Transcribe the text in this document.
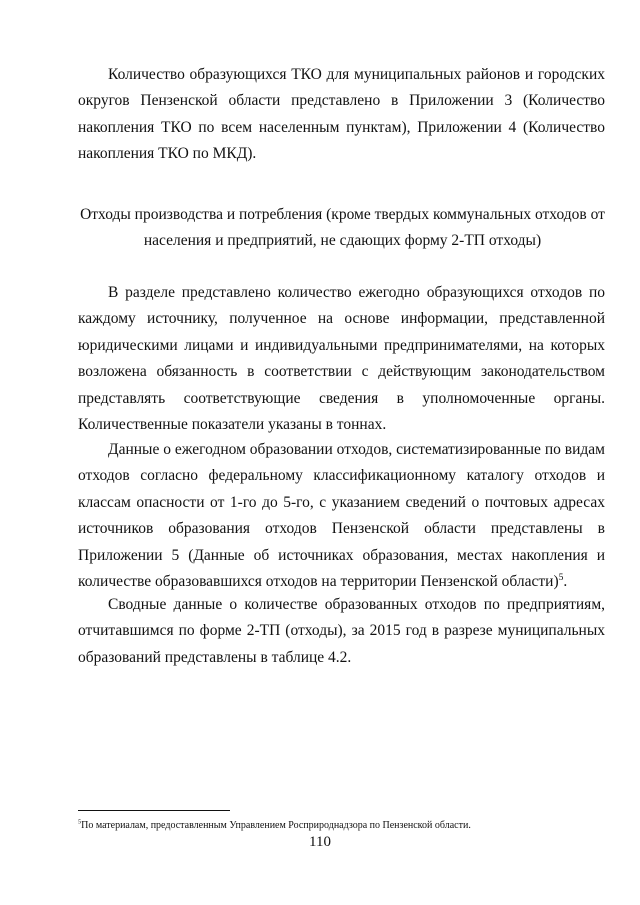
Количество образующихся ТКО для муниципальных районов и городских округов Пензенской области представлено в Приложении 3 (Количество накопления ТКО по всем населенным пунктам), Приложении 4 (Количество накопления ТКО по МКД).

Отходы производства и потребления (кроме твердых коммунальных отходов от

населения и предприятий, не сдающих форму 2-ТП отходы)

В разделе представлено количество ежегодно образующихся отходов по каждому источнику, полученное на основе информации, представленной юридическими лицами и индивидуальными предпринимателями, на которых возложена обязанность в соответствии с действующим законодательством представлять соответствующие сведения в уполномоченные органы. Количественные показатели указаны в тоннах.

Данные о ежегодном образовании отходов, систематизированные по видам отходов согласно федеральному классификационному каталогу отходов и классам опасности от 1-го до 5-го, с указанием сведений о почтовых адресах источников образования отходов Пензенской области представлены в Приложении 5 (Данные об источниках образования, местах накопления и количестве образовавшихся отходов на территории Пензенской области)$^5$.

Сводные данные о количестве образованных отходов по предприятиям, отчитавшимся по форме 2-ТП (отходы), за 2015 год в разрезе муниципальных образований представлены в таблице 4.2.

$^5$По материалам, предоставленным Управлением Росприроднадзора по Пензенской области.

110
